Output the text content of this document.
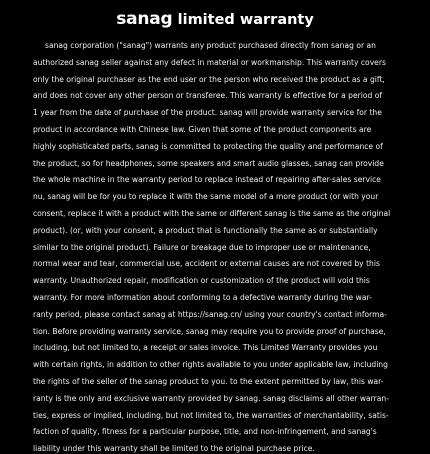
sanag limited warranty
sanag corporation ("sanag") warrants any product purchased directly from sanag or an
authorized sanag seller against any defect in material or workmanship. This warranty covers
only the original purchaser as the end user or the person who received the product as a gift,
and does not cover any other person or transferee. This warranty is effective for a period of
1 year from the date of purchase of the product. sanag will provide warranty service for the
product in accordance with Chinese law. Given that some of the product components are
highly sophisticated parts, sanag is committed to protecting the quality and performance of
the product, so for headphones, some speakers and smart audio glasses, sanag can provide
the whole machine in the warranty period to replace instead of repairing after-sales service
nu, sanag will be for you to replace it with the same model of a more product (or with your
consent, replace it with a product with the same or different sanag is the same as the original
product). (or, with your consent, a product that is functionally the same as or substantially
similar to the original product). Failure or breakage due to improper use or maintenance,
normal wear and tear, commercial use, accident or external causes are not covered by this
warranty. Unauthorized repair, modification or customization of the product will void this
warranty. For more information about conforming to a defective warranty during the war-
ranty period, please contact sanag at https://sanag.cn/ using your country's contact informa-
tion. Before providing warranty service, sanag may require you to provide proof of purchase,
including, but not limited to, a receipt or sales invoice. This Limited Warranty provides you
with certain rights, in addition to other rights available to you under applicable law, including
the rights of the seller of the sanag product to you. to the extent permitted by law, this war-
ranty is the only and exclusive warranty provided by sanag. sanag disclaims all other warran-
ties, express or implied, including, but not limited to, the warranties of merchantability, satis-
faction of quality, fitness for a particular purpose, title, and non-infringement, and sanag's
liability under this warranty shall be limited to the original purchase price.
